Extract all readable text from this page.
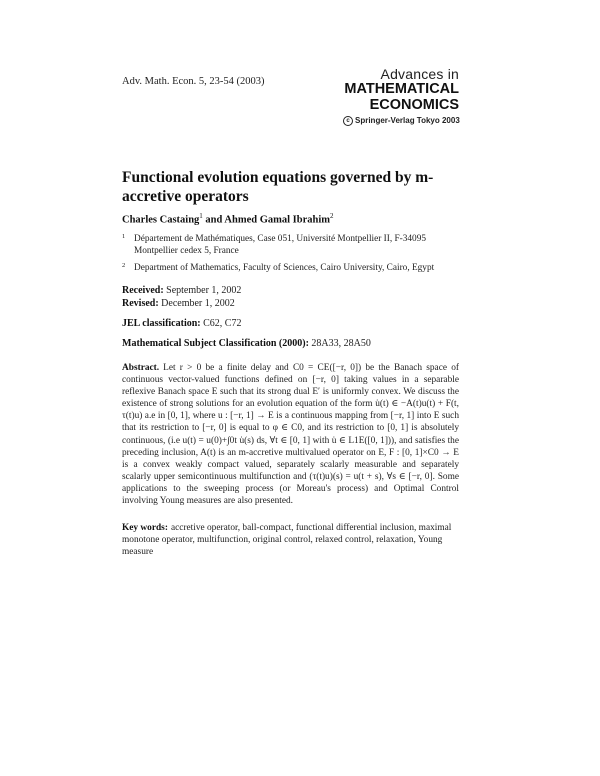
Adv. Math. Econ. 5, 23-54 (2003)	Advances in
MATHEMATICAL
ECONOMICS
c Springer-Verlag Tokyo 2003
Functional evolution equations governed by m-accretive operators
Charles Castaing$^1$ and Ahmed Gamal Ibrahim$^2$
1 Département de Mathématiques, Case 051, Université Montpellier II, F-34095 Montpellier cedex 5, France
2 Department of Mathematics, Faculty of Sciences, Cairo University, Cairo, Egypt
Received: September 1, 2002
Revised: December 1, 2002
JEL classification: C62, C72
Mathematical Subject Classification (2000): 28A33, 28A50
Abstract. Let r > 0 be a finite delay and C0 = CE([−r, 0]) be the Banach space of continuous vector-valued functions defined on [−r, 0] taking values in a separable reflexive Banach space E such that its strong dual E′ is uniformly convex. We discuss the existence of strong solutions for an evolution equation of the form u̇(t) ∈ −A(t)u(t) + F(t, τ(t)u) a.e in [0, 1], where u : [−r, 1] → E is a continuous mapping from [−r, 1] into E such that its restriction to [−r, 0] is equal to φ ∈ C0, and its restriction to [0, 1] is absolutely continuous, (i.e u(t) = u(0)+∫0t u̇(s) ds, ∀t ∈ [0, 1] with u̇ ∈ L1E([0, 1])), and satisfies the preceding inclusion, A(t) is an m-accretive multivalued operator on E, F : [0, 1]×C0 → E is a convex weakly compact valued, separately scalarly measurable and separately scalarly upper semicontinuous multifunction and (τ(t)u)(s) = u(t + s), ∀s ∈ [−r, 0]. Some applications to the sweeping process (or Moreau's process) and Optimal Control involving Young measures are also presented.
Key words: accretive operator, ball-compact, functional differential inclusion, maximal monotone operator, multifunction, original control, relaxed control, relaxation, Young measure
